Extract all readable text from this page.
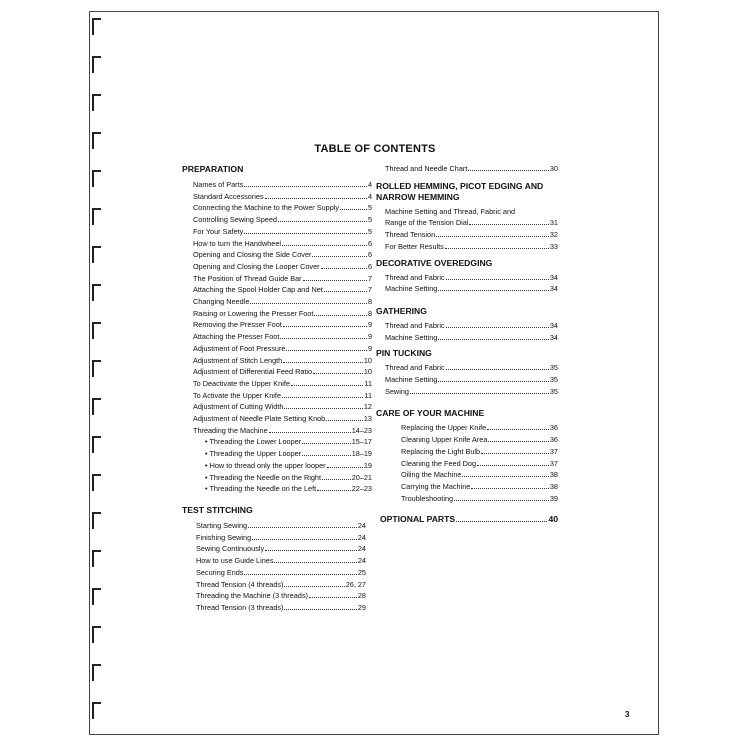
TABLE OF CONTENTS
PREPARATION
Names of Parts	4
Standard Accessories	4
Connecting the Machine to the Power Supply	5
Controlling Sewing Speed	5
For Your Safety	5
How to turn the Handwheel	6
Opening and Closing the Side Cover	6
Opening and Closing the Looper Cover	6
The Position of Thread Guide Bar	7
Attaching the Spool Holder Cap and Net	7
Changing Needle	8
Raising or Lowering the Presser Foot	8
Removing the Presser Foot	9
Attaching the Presser Foot	9
Adjustment of Foot Pressure	9
Adjustment of Stitch Length	10
Adjustment of Differential Feed Ratio	10
To Deactivate the Upper Knife	11
To Activate the Upper Knife	11
Adjustment of Cutting Width	12
Adjustment of Needle Plate Setting Knob	13
Threading the Machine	14–23
• Threading the Lower Looper	15–17
• Threading the Upper Looper	18–19
• How to thread only the upper looper	19
• Threading the Needle on the Right	20–21
• Threading the Needle on the Left	22–23
TEST STITCHING
Starting Sewing	24
Finishing Sewing	24
Sewing Continuously	24
How to use Guide Lines	24
Securing Ends	25
Thread Tension (4 threads)	26, 27
Threading the Machine (3 threads)	28
Thread Tension (3 threads)	29
Thread and Needle Chart	30
ROLLED HEMMING, PICOT EDGING AND NARROW HEMMING
Machine Setting and Thread, Fabric and
Range of the Tension Dial	31
Thread Tension	32
For Better Results	33
DECORATIVE OVEREDGING
Thread and Fabric	34
Machine Setting	34
GATHERING
Thread and Fabric	34
Machine Setting	34
PIN TUCKING
Thread and Fabric	35
Machine Setting	35
Sewing	35
CARE OF YOUR MACHINE
Replacing the Upper Knife	36
Cleaning Upper Knife Area	36
Replacing the Light Bulb	37
Cleaning the Feed Dog	37
Oiling the Machine	38
Carrying the Machine	38
Troubleshooting	39
OPTIONAL PARTS	40
3
